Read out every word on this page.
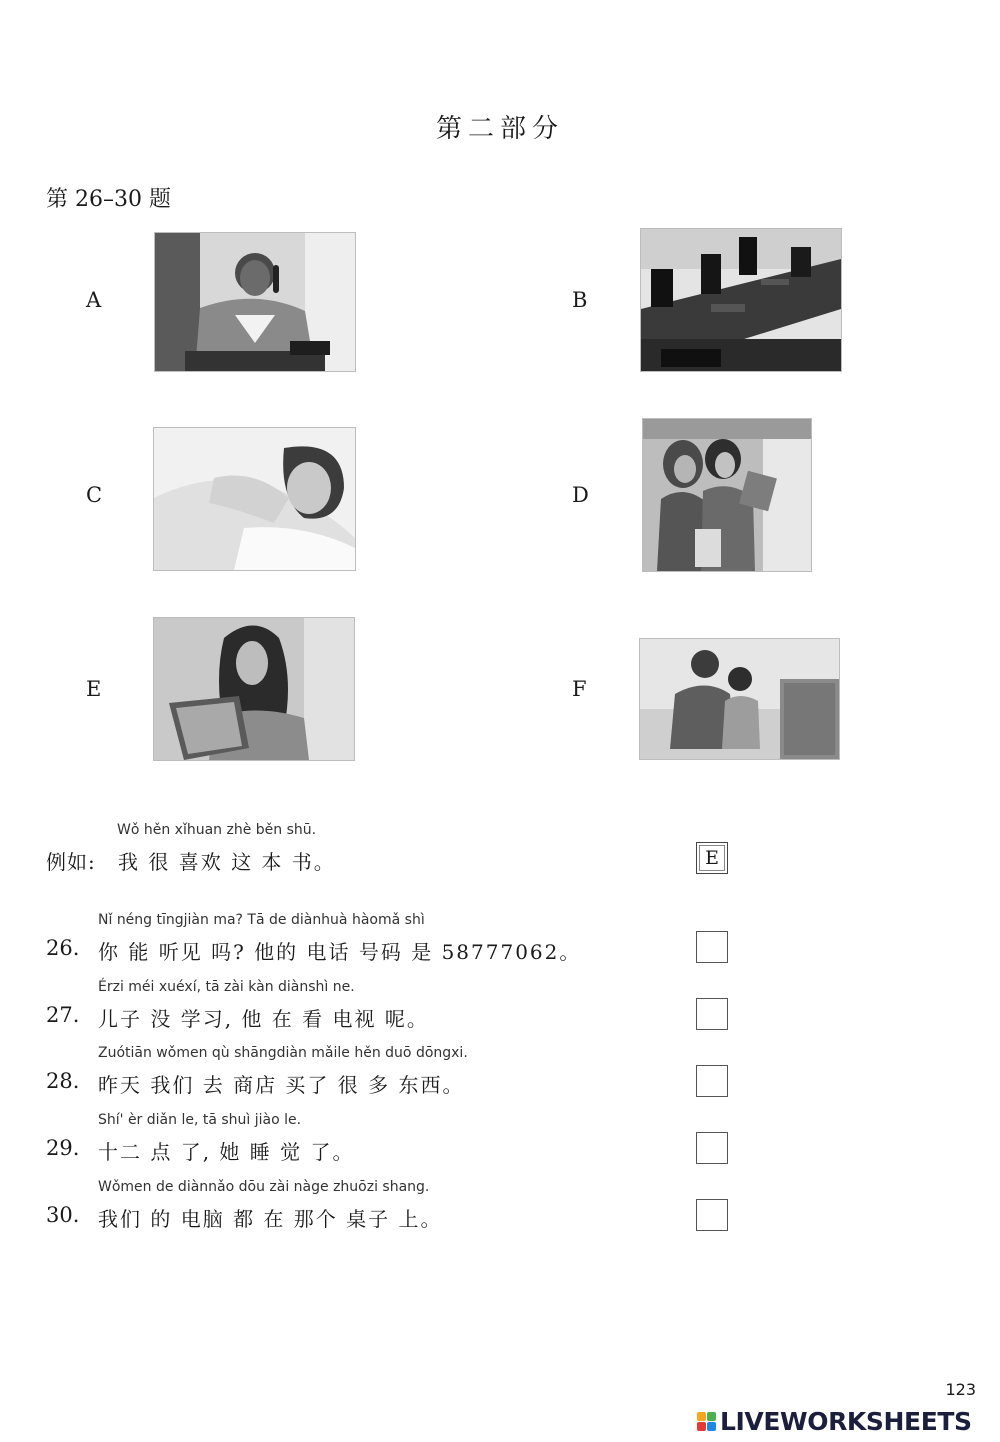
第二部分
第 26–30 题
A	B
C	D
E	F
Wǒ hěn xǐhuan zhè běn shū.
例如: 我 很 喜欢 这 本 书。	E
Nǐ néng tīngjiàn ma? Tā de diànhuà hàomǎ shì
26. 你 能 听见 吗? 他的 电话 号码 是 58777062。
Érzi méi xuéxí, tā zài kàn diànshì ne.
27. 儿子 没 学习, 他 在 看 电视 呢。
Zuótiān wǒmen qù shāngdiàn mǎile hěn duō dōngxi.
28. 昨天 我们 去 商店 买了 很 多 东西。
Shí' èr diǎn le, tā shuì jiào le.
29. 十二 点 了, 她 睡 觉 了。
Wǒmen de diànnǎo dōu zài nàge zhuōzi shang.
30. 我们 的 电脑 都 在 那个 桌子 上。
123
LIVEWORKSHEETS
